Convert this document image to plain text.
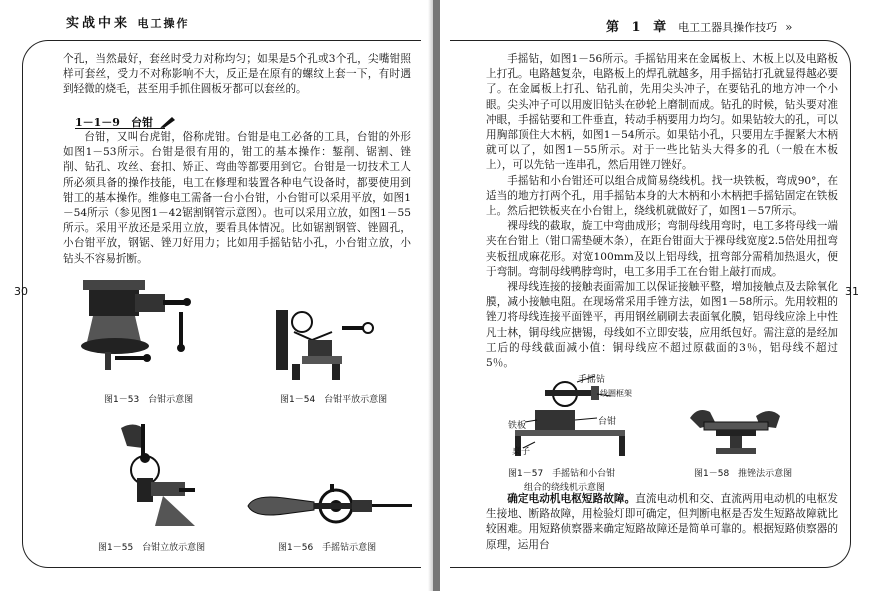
实战中来 电工操作
30

个孔，当然最好，套丝时受力对称均匀；如果是5个孔或3个孔，尖嘴钳照样可套丝，受力不对称影响不大，反正是在原有的螺纹上套一下，有时遇到轻微的烧毛，甚至用手抓住圆板牙都可以套丝的。

1－1－9　台钳

台钳，又叫台虎钳，俗称虎钳。台钳是电工必备的工具，台钳的外形如图1－53所示。台钳是很有用的，钳工的基本操作：錾削、锯割、锉削、钻孔、攻丝、套扣、矫正、弯曲等都要用到它。台钳是一切技术工人所必须具备的操作技能，电工在修理和装置各种电气设备时，都要使用到钳工的基本操作。维修电工需备一台小台钳，小台钳可以采用平放，如图1－54所示（参见图1－42锯割钢管示意图）。也可以采用立放，如图1－55所示。采用平放还是采用立放，要看具体情况。比如锯割钢管、锉圆孔，小台钳平放，钢锯、锉刀好用力；比如用手摇钻钻小孔，小台钳立放，小钻头不容易折断。

图1－53　台钳示意图	图1－54　台钳平放示意图
图1－55　台钳立放示意图	图1－56　手摇钻示意图
第 1 章 电工工器具操作技巧 »
31

手摇钻，如图1－56所示。手摇钻用来在金属板上、木板上以及电路板上打孔。电路越复杂，电路板上的焊孔就越多，用手摇钻打孔就显得越必要了。在金属板上打孔、钻孔前，先用尖头冲子，在要钻孔的地方冲一个小眼。尖头冲子可以用废旧钻头在砂轮上磨制而成。钻孔的时候，钻头要对准冲眼，手摇钻要和工件垂直，转动手柄要用力均匀。如果钻较大的孔，可以用胸部顶住大木柄，如图1－54所示。如果钻小孔，只要用左手握紧大木柄就可以了，如图1－55所示。对于一些比钻头大得多的孔（一般在木板上），可以先钻一连串孔，然后用锉刀锉好。

手摇钻和小台钳还可以组合成简易绕线机。找一块铁板，弯成90°，在适当的地方打两个孔，用手摇钻本身的大木柄和小木柄把手摇钻固定在铁板上。然后把铁板夹在小台钳上，绕线机就做好了，如图1－57所示。

裸母线的截取，旋工中弯曲成形；弯制母线用弯时，电工多将母线一端夹在台钳上（钳口需垫硬木条），在距台钳面大于裸母线宽度2.5倍处用扭弯夹板扭成麻花形。对宽100mm及以上铝母线，扭弯部分需稍加热退火，便于弯制。弯制母线鸭脖弯时，电工多用手工在台钳上敲打而成。

裸母线连接的接触表面需加工以保证接触平整，增加接触点及去除氧化膜，减小接触电阻。在现场常采用手锉方法，如图1－58所示。先用较粗的锉刀将母线连接平面锉平，再用钢丝刷刷去表面氧化膜，铝母线应涂上中性凡士林，铜母线应搪锡，母线如不立即安装，应用纸包好。需注意的是经加工后的母线截面减小值：铜母线应不超过原截面的3％，铝母线不超过5％。

手摇钻
线圈框架
铁板	台钳
桌子
图1－57　手摇钻和小台钳
组合的绕线机示意图
图1－58　推锉法示意图

确定电动机电枢短路故障。直流电动机和交、直流两用电动机的电枢发生接地、断路故障，用检验灯即可确定，但判断电枢是否发生短路故障就比较困难。用短路侦察器来确定短路故障还是简单可靠的。根据短路侦察器的原理，运用台
